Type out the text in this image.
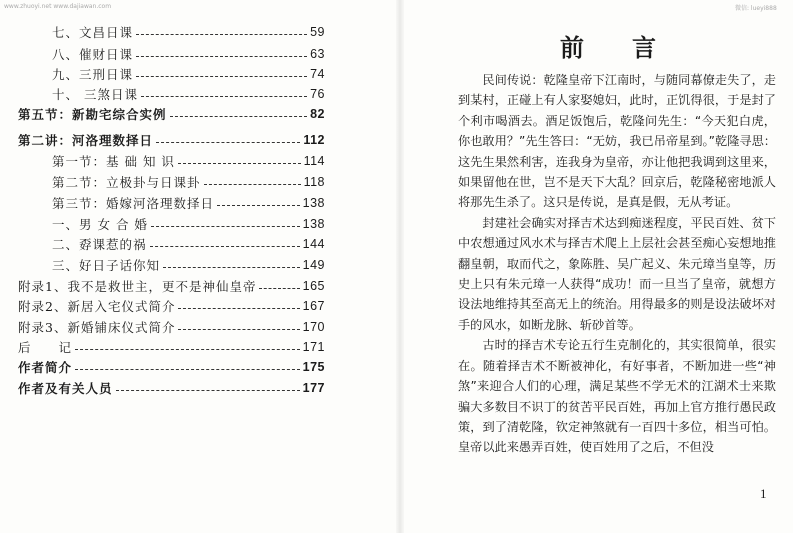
www.zhuoyi.net www.dajiawan.com	微信: lueyi888
七、文昌日课	59
八、催财日课	63
九、三刑日课	74
十、 三煞日课	76
第五节：新勘宅综合实例	82
第二讲：河洛理数择日	112
第一节：基 础 知 识	114
第二节：立极卦与日课卦	118
第三节：婚嫁河洛理数择日	138
一、男 女 合 婚	138
二、孬课惹的祸	144
三、好日子话你知	149
附录1、我不是救世主，更不是神仙皇帝	165
附录2、新居入宅仪式简介	167
附录3、新婚铺床仪式简介	170
后　　记	171
作者简介	175
作者及有关人员	177
前言

民间传说：乾隆皇帝下江南时，与随同幕僚走失了，走到某村，正碰上有人家娶媳妇，此时，正饥得很，于是封了个利市喝酒去。酒足饭饱后，乾隆问先生：“今天犯白虎，你也敢用？”先生答曰：“无妨，我已吊帝星到。”乾隆寻思：这先生果然利害，连我身为皇帝，亦让他把我调到这里来，如果留他在世，岂不是天下大乱？回京后，乾隆秘密地派人将那先生杀了。这只是传说，是真是假，无从考证。

封建社会确实对择吉术达到痴迷程度，平民百姓、贫下中农想通过风水术与择吉术爬上上层社会甚至痴心妄想地推翻皇朝，取而代之，象陈胜、吴广起义、朱元璋当皇等，历史上只有朱元璋一人获得“成功！而一旦当了皇帝，就想方设法地维持其至高无上的统治。用得最多的则是设法破坏对手的风水，如断龙脉、斩砂首等。

古时的择吉术专论五行生克制化的，其实很简单，很实在。随着择吉术不断被神化，有好事者，不断加进一些“神煞”来迎合人们的心理，满足某些不学无术的江湖术士来欺骗大多数目不识丁的贫苦平民百姓，再加上官方推行愚民政策，到了清乾隆，钦定神煞就有一百四十多位，相当可怕。皇帝以此来愚弄百姓，使百姓用了之后，不但没

1
